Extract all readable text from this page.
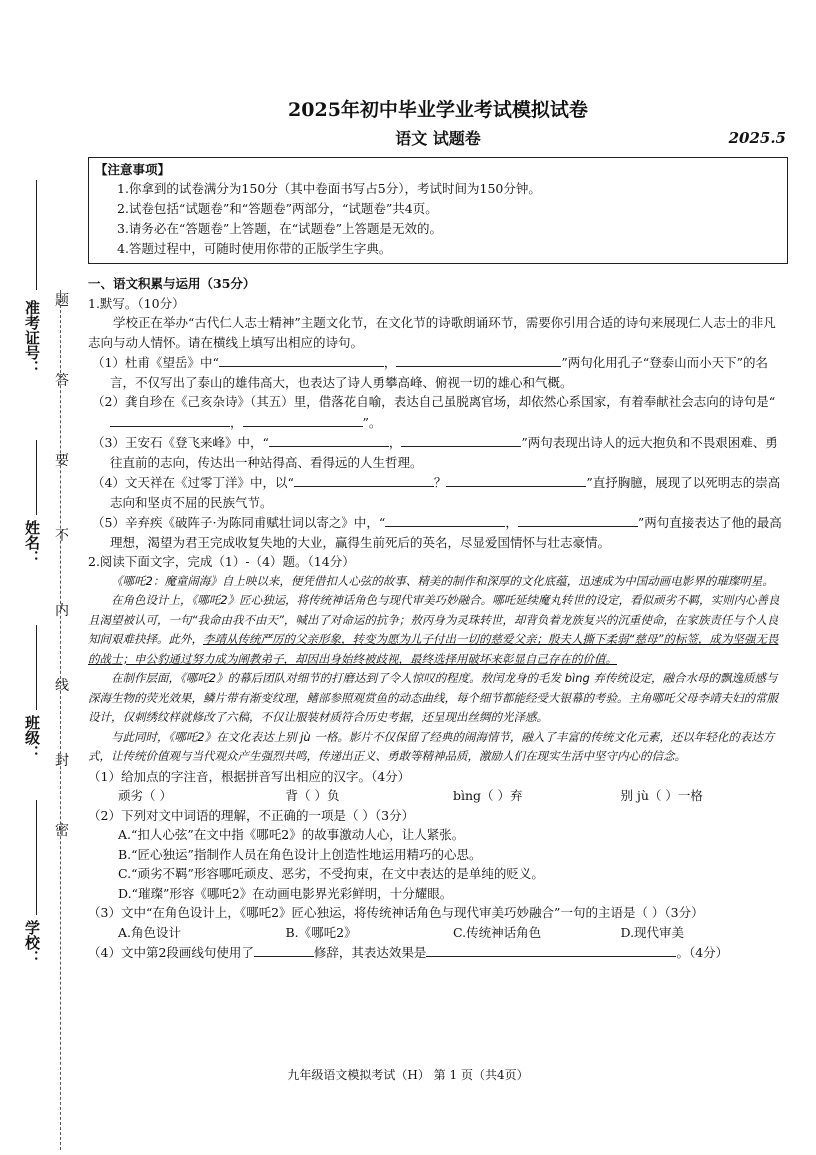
准考证号：
姓名：
班级：
学校：
题
答
要
不
内
线
封
密
2025年初中毕业学业考试模拟试卷
语文 试题卷	2025.5
【注意事项】

1.你拿到的试卷满分为150分（其中卷面书写占5分），考试时间为150分钟。

2.试卷包括“试题卷”和“答题卷”两部分，“试题卷”共4页。

3.请务必在“答题卷”上答题，在“试题卷”上答题是无效的。

4.答题过程中，可随时使用你带的正版学生字典。

一、语文积累与运用（35分）

1.默写。（10分）

学校正在举办“古代仁人志士精神”主题文化节，在文化节的诗歌朗诵环节，需要你引用合适的诗句来展现仁人志士的非凡志向与动人情怀。请在横线上填写出相应的诗句。

（1）杜甫《望岳》中“	，	”两句化用孔子“登泰山而小天下”的名言，不仅写出了泰山的雄伟高大，也表达了诗人勇攀高峰、俯视一切的雄心和气概。

（2）龚自珍在《己亥杂诗》（其五）里，借落花自喻，表达自己虽脱离官场，却依然心系国家，有着奉献社会志向的诗句是“，	”。

（3）王安石《登飞来峰》中，“	，	”两句表现出诗人的远大抱负和不畏艰困难、勇往直前的志向，传达出一种站得高、看得远的人生哲理。

（4）文天祥在《过零丁洋》中，以“	？	”直抒胸臆，展现了以死明志的崇高志向和坚贞不屈的民族气节。

（5）辛弃疾《破阵子·为陈同甫赋壮词以寄之》中，“	，	”两句直接表达了他的最高理想，渴望为君王完成收复失地的大业，赢得生前死后的英名，尽显爱国情怀与壮志豪情。

2.阅读下面文字，完成（1）-（4）题。（14分）

《哪吒2：魔童闹海》自上映以来，便凭借扣人心弦的故事、精美的制作和深厚的文化底蕴，迅速成为中国动画电影界的璀璨明星。

在角色设计上，《哪吒2》匠心独运，将传统神话角色与现代审美巧妙融合。哪吒延续魔丸转世的设定，看似顽劣不羁，实则内心善良且渴望被认可，一句“我命由我不由天”，喊出了对命运的抗争；敖丙身为灵珠转世，却背负着龙族复兴的沉重使命，在家族责任与个人良知间艰难抉择。此外，李靖从传统严厉的父亲形象，转变为愿为儿子付出一切的慈爱父亲；殷夫人撕下柔弱“慈母”的标签，成为坚强无畏的战士；申公豹通过努力成为阐教弟子，却因出身始终被歧视，最终选择用破坏来彰显自己存在的价值。

在制作层面，《哪吒2》的幕后团队对细节的打磨达到了令人惊叹的程度。敖闰龙身的毛发 bìng 弃传统设定，融合水母的飘逸质感与深海生物的荧光效果，鳞片带有渐变纹理，鳍部参照观赏鱼的动态曲线，每个细节都能经受大银幕的考验。主角哪吒父母李靖夫妇的常服设计，仅刺绣纹样就修改了六稿，不仅让服装材质符合历史考据，还呈现出丝绸的光泽感。

与此同时，《哪吒2》在文化表达上别 jù 一格。影片不仅保留了经典的闹海情节，融入了丰富的传统文化元素，还以年轻化的表达方式，让传统价值观与当代观众产生强烈共鸣，传递出正义、勇敢等精神品质，激励人们在现实生活中坚守内心的信念。

（1）给加点的字注音，根据拼音写出相应的汉字。（4分）

顽劣（ ）	背（ ）负	bìng（ ）弃	别 jù（ ）一格

（2）下列对文中词语的理解，不正确的一项是（ ）（3分）

A.“扣人心弦”在文中指《哪吒2》的故事激动人心，让人紧张。

B.“匠心独运”指制作人员在角色设计上创造性地运用精巧的心思。

C.“顽劣不羁”形容哪吒顽皮、恶劣，不受拘束，在文中表达的是单纯的贬义。

D.“璀璨”形容《哪吒2》在动画电影界光彩鲜明，十分耀眼。

（3）文中“在角色设计上，《哪吒2》匠心独运，将传统神话角色与现代审美巧妙融合”一句的主语是（ ）（3分）

A.角色设计	B.《哪吒2》	C.传统神话角色	D.现代审美

（4）文中第2段画线句使用了	修辞，其表达效果是	。（4分）

九年级语文模拟考试（H） 第 1 页（共4页）
